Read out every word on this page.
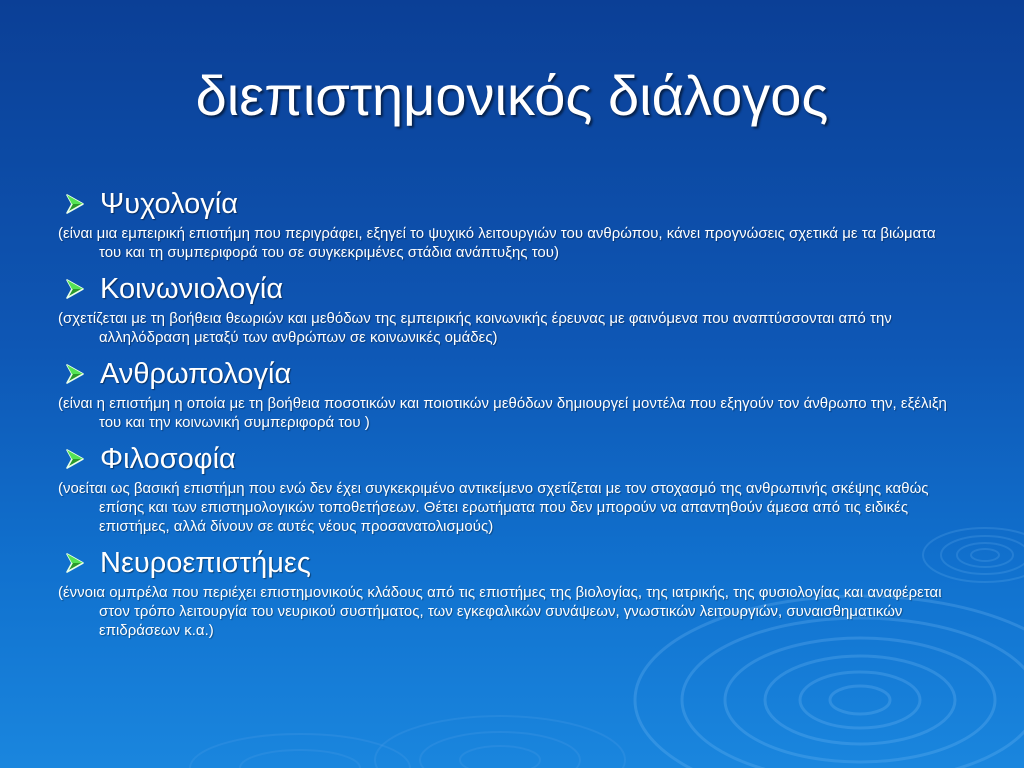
διεπιστημονικός διάλογος
Ψυχολογία
(είναι μια εμπειρική επιστήμη που περιγράφει, εξηγεί το ψυχικό λειτουργιών του ανθρώπου, κάνει προγνώσεις σχετικά με τα βιώματα του και τη συμπεριφορά του σε συγκεκριμένες στάδια ανάπτυξης του)
Κοινωνιολογία
(σχετίζεται με τη βοήθεια θεωριών και μεθόδων της εμπειρικής κοινωνικής έρευνας με φαινόμενα που αναπτύσσονται από την αλληλόδραση μεταξύ των ανθρώπων σε κοινωνικές ομάδες)
Ανθρωπολογία
(είναι η επιστήμη η οποία με τη βοήθεια ποσοτικών και ποιοτικών μεθόδων δημιουργεί μοντέλα που εξηγούν τον άνθρωπο την, εξέλιξη του και την κοινωνική συμπεριφορά του )
Φιλοσοφία
(νοείται ως βασική επιστήμη που ενώ δεν έχει συγκεκριμένο αντικείμενο σχετίζεται με τον στοχασμό της ανθρωπινής σκέψης καθώς επίσης και των επιστημολογικών τοποθετήσεων. Θέτει ερωτήματα που δεν μπορούν να απαντηθούν άμεσα από τις ειδικές επιστήμες, αλλά δίνουν σε αυτές νέους προσανατολισμούς)
Νευροεπιστήμες
(έννοια ομπρέλα που περιέχει επιστημονικούς κλάδους από τις επιστήμες της βιολογίας, της ιατρικής, της φυσιολογίας και αναφέρεται στον τρόπο λειτουργία του νευρικού συστήματος, των εγκεφαλικών συνάψεων, γνωστικών λειτουργιών, συναισθηματικών επιδράσεων κ.α.)
